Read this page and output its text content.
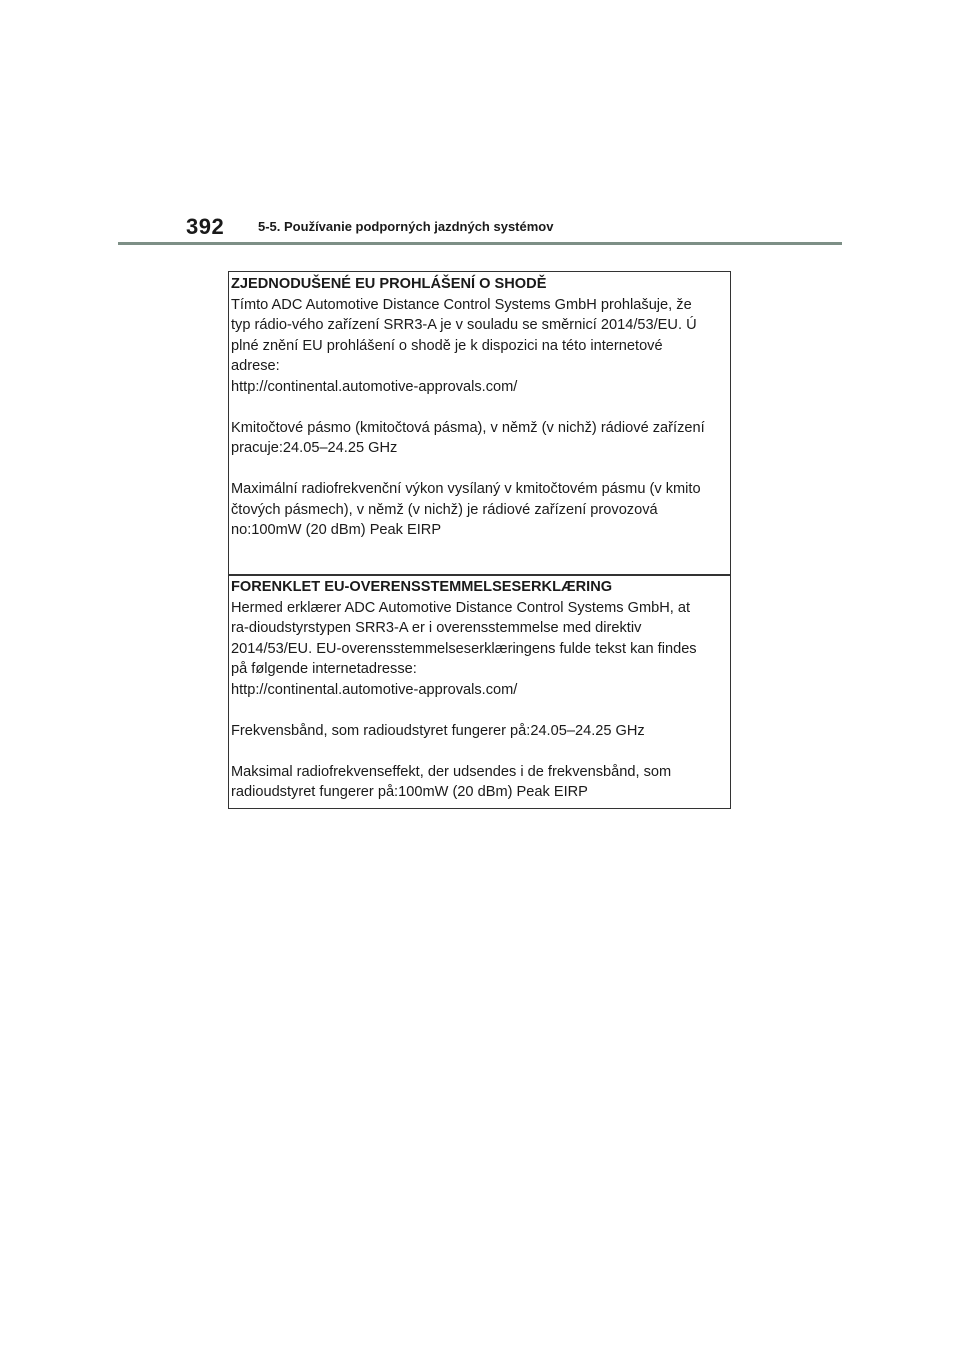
392	5-5. Používanie podporných jazdných systémov
ZJEDNODUŠENÉ EU PROHLÁŠENÍ O SHODĚ

Tímto ADC Automotive Distance Control Systems GmbH prohlašuje, že
typ rádio-vého zařízení SRR3-A je v souladu se směrnicí 2014/53/EU. Ú
plné znění EU prohlášení o shodě je k dispozici na této internetové
adrese:
http://continental.automotive-approvals.com/

Kmitočtové pásmo (kmitočtová pásma), v němž (v nichž) rádiové zařízení
pracuje:24.05–24.25 GHz

Maximální radiofrekvenční výkon vysílaný v kmitočtovém pásmu (v kmito
čtových pásmech), v němž (v nichž) je rádiové zařízení provozová
no:100mW (20 dBm) Peak EIRP

FORENKLET EU-OVERENSSTEMMELSESERKLÆRING

Hermed erklærer ADC Automotive Distance Control Systems GmbH, at
ra-dioudstyrstypen SRR3-A er i overensstemmelse med direktiv
2014/53/EU. EU-overensstemmelseserklæringens fulde tekst kan findes
på følgende internetadresse:
http://continental.automotive-approvals.com/

Frekvensbånd, som radioudstyret fungerer på:24.05–24.25 GHz

Maksimal radiofrekvenseffekt, der udsendes i de frekvensbånd, som
radioudstyret fungerer på:100mW (20 dBm) Peak EIRP
